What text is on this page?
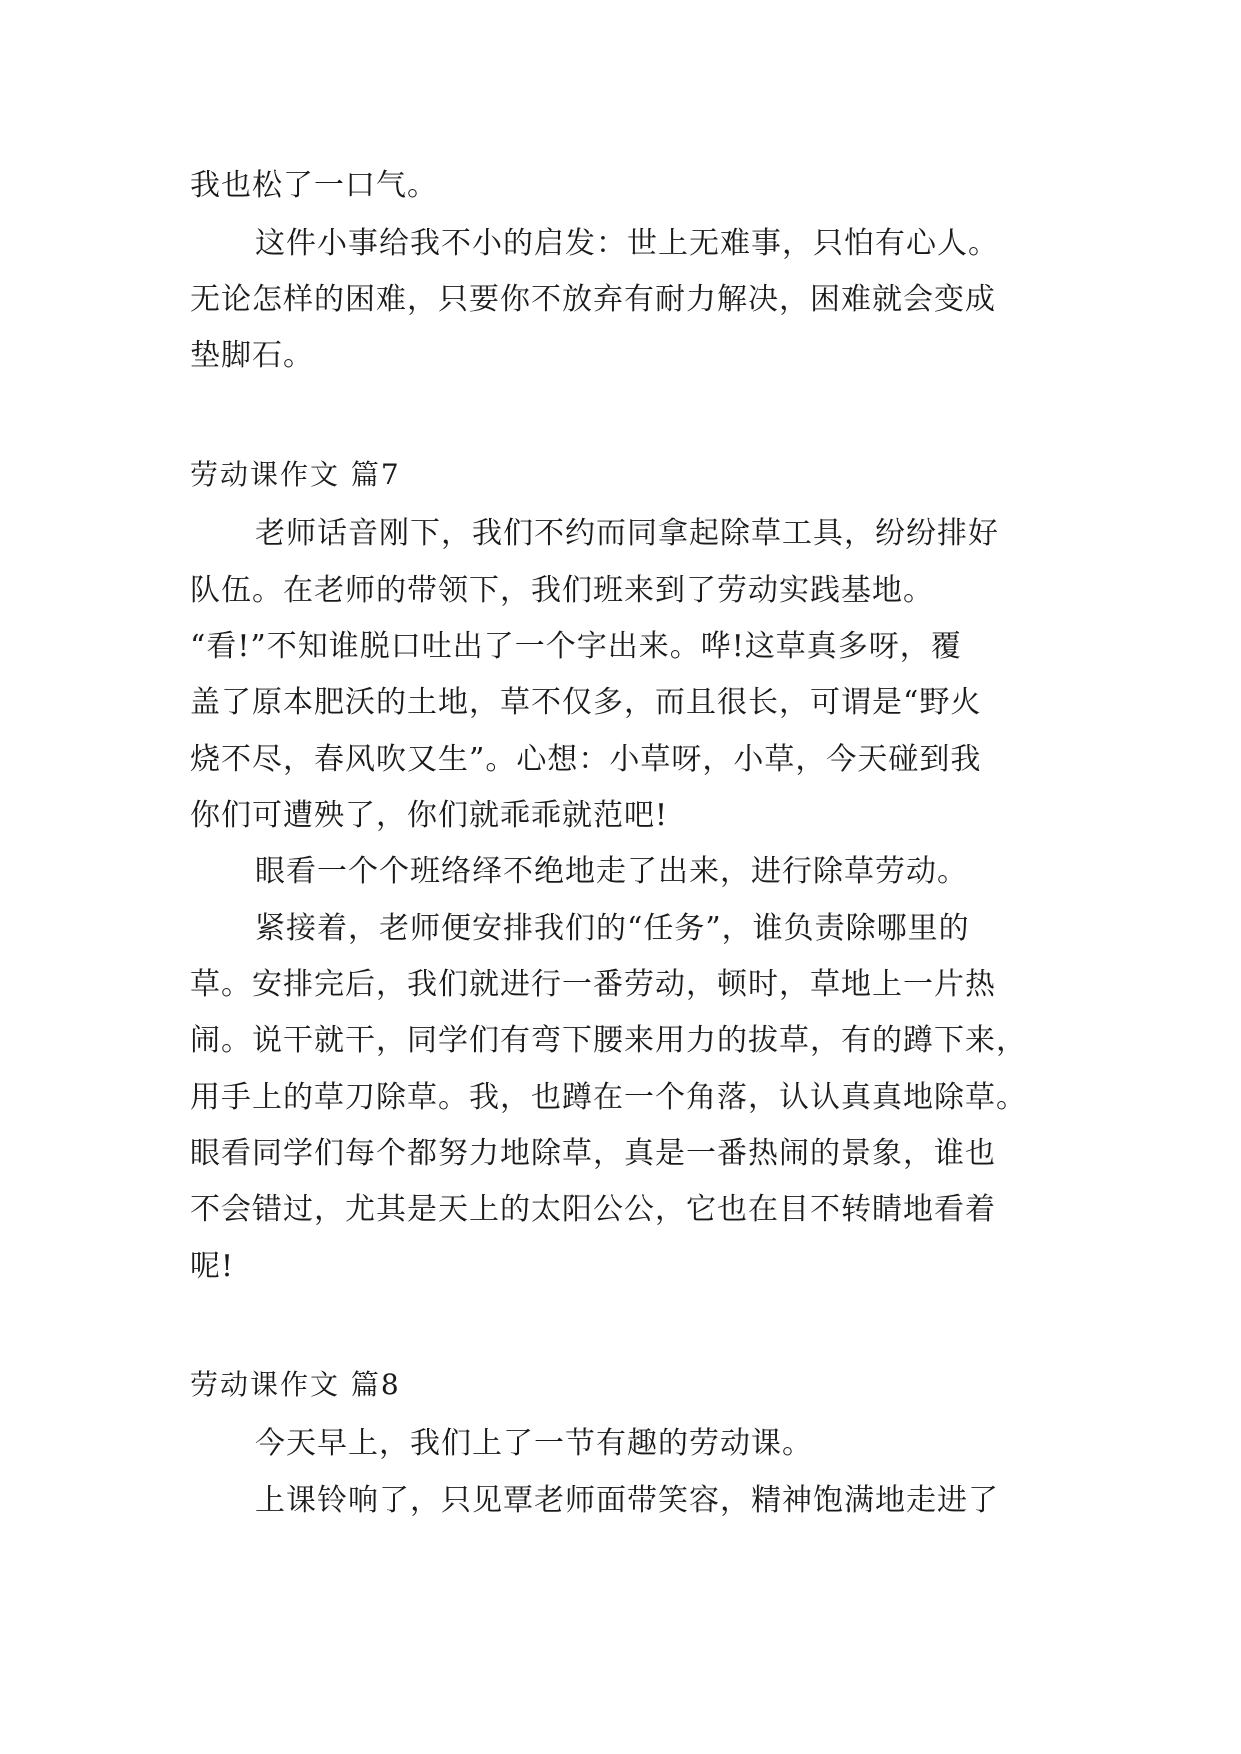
我也松了一口气。
这件小事给我不小的启发：世上无难事，只怕有心人。
无论怎样的困难，只要你不放弃有耐力解决，困难就会变成
垫脚石。
劳动课作文 篇7
老师话音刚下，我们不约而同拿起除草工具，纷纷排好
队伍。在老师的带领下，我们班来到了劳动实践基地。
“看!”不知谁脱口吐出了一个字出来。哗!这草真多呀，覆
盖了原本肥沃的土地，草不仅多，而且很长，可谓是“野火
烧不尽，春风吹又生”。心想：小草呀，小草，今天碰到我
你们可遭殃了，你们就乖乖就范吧!
眼看一个个班络绎不绝地走了出来，进行除草劳动。
紧接着，老师便安排我们的“任务”，谁负责除哪里的
草。安排完后，我们就进行一番劳动，顿时，草地上一片热
闹。说干就干，同学们有弯下腰来用力的拔草，有的蹲下来，
用手上的草刀除草。我，也蹲在一个角落，认认真真地除草。
眼看同学们每个都努力地除草，真是一番热闹的景象，谁也
不会错过，尤其是天上的太阳公公，它也在目不转睛地看着
呢!
劳动课作文 篇8
今天早上，我们上了一节有趣的劳动课。
上课铃响了，只见覃老师面带笑容，精神饱满地走进了
